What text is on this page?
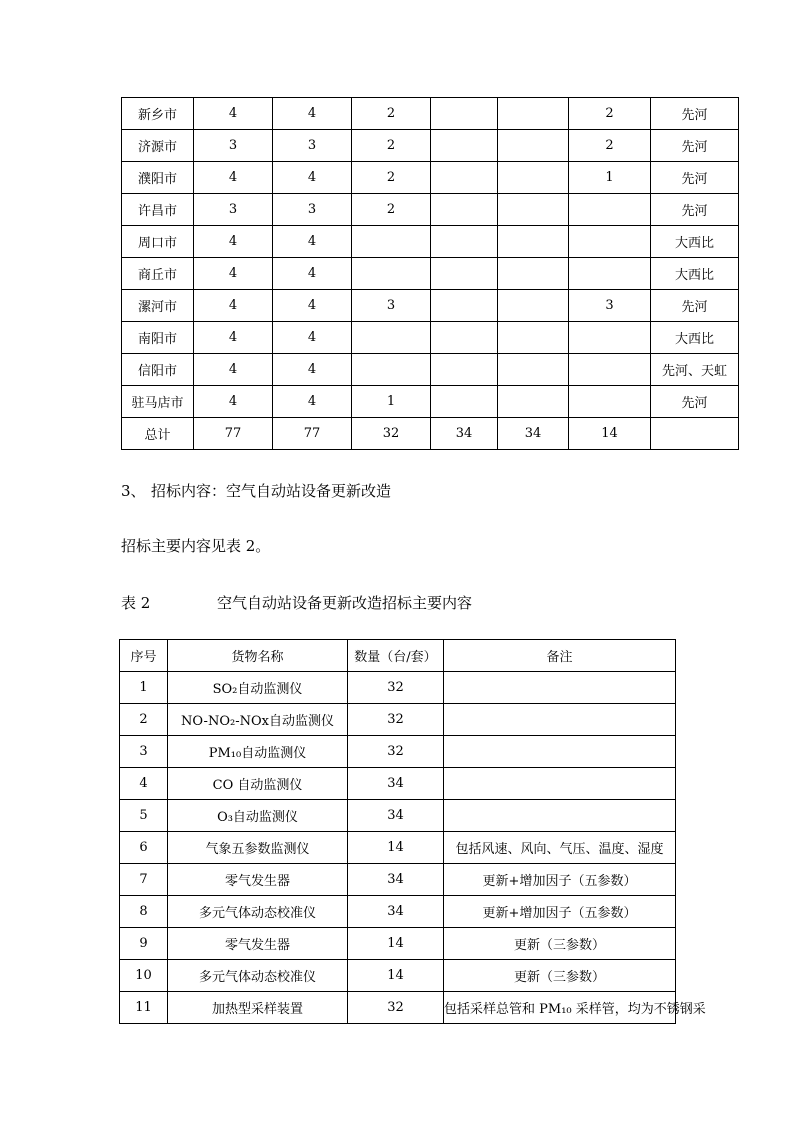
新乡市	4	4	2			2	先河
济源市	3	3	2			2	先河
濮阳市	4	4	2			1	先河
许昌市	3	3	2				先河
周口市	4	4					大西比
商丘市	4	4					大西比
漯河市	4	4	3			3	先河
南阳市	4	4					大西比
信阳市	4	4					先河、天虹
驻马店市	4	4	1				先河
总计	77	77	32	34	34	14	
3、 招标内容：空气自动站设备更新改造
招标主要内容见表 2。
表 2	空气自动站设备更新改造招标主要内容
序号	货物名称	数量（台/套）	备注
1	SO₂自动监测仪	32	
2	NO-NO₂-NOx自动监测仪	32	
3	PM₁₀自动监测仪	32	
4	CO 自动监测仪	34	
5	O₃自动监测仪	34	
6	气象五参数监测仪	14	包括风速、风向、气压、温度、湿度
7	零气发生器	34	更新+增加因子（五参数）
8	多元气体动态校准仪	34	更新+增加因子（五参数）
9	零气发生器	14	更新（三参数）
10	多元气体动态校准仪	14	更新（三参数）
11	加热型采样装置	32	包括采样总管和 PM₁₀ 采样管，均为不锈钢采
